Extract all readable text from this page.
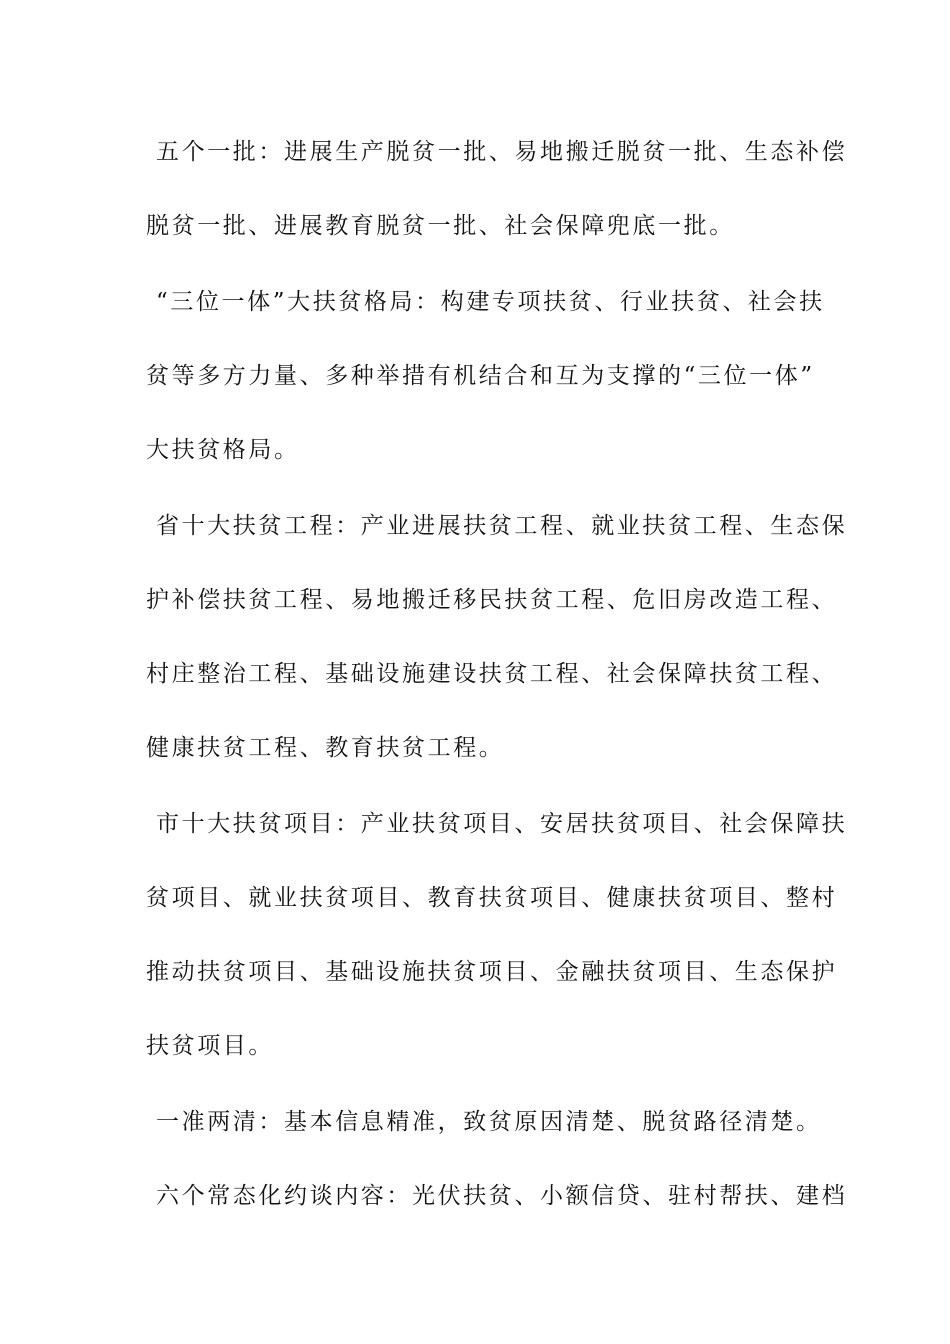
五个一批：进展生产脱贫一批、易地搬迁脱贫一批、生态补偿
脱贫一批、进展教育脱贫一批、社会保障兜底一批。
“三位一体”大扶贫格局：构建专项扶贫、行业扶贫、社会扶
贫等多方力量、多种举措有机结合和互为支撑的“三位一体”
大扶贫格局。
省十大扶贫工程：产业进展扶贫工程、就业扶贫工程、生态保
护补偿扶贫工程、易地搬迁移民扶贫工程、危旧房改造工程、
村庄整治工程、基础设施建设扶贫工程、社会保障扶贫工程、
健康扶贫工程、教育扶贫工程。
市十大扶贫项目：产业扶贫项目、安居扶贫项目、社会保障扶
贫项目、就业扶贫项目、教育扶贫项目、健康扶贫项目、整村
推动扶贫项目、基础设施扶贫项目、金融扶贫项目、生态保护
扶贫项目。
一准两清：基本信息精准，致贫原因清楚、脱贫路径清楚。
六个常态化约谈内容：光伏扶贫、小额信贷、驻村帮扶、建档
